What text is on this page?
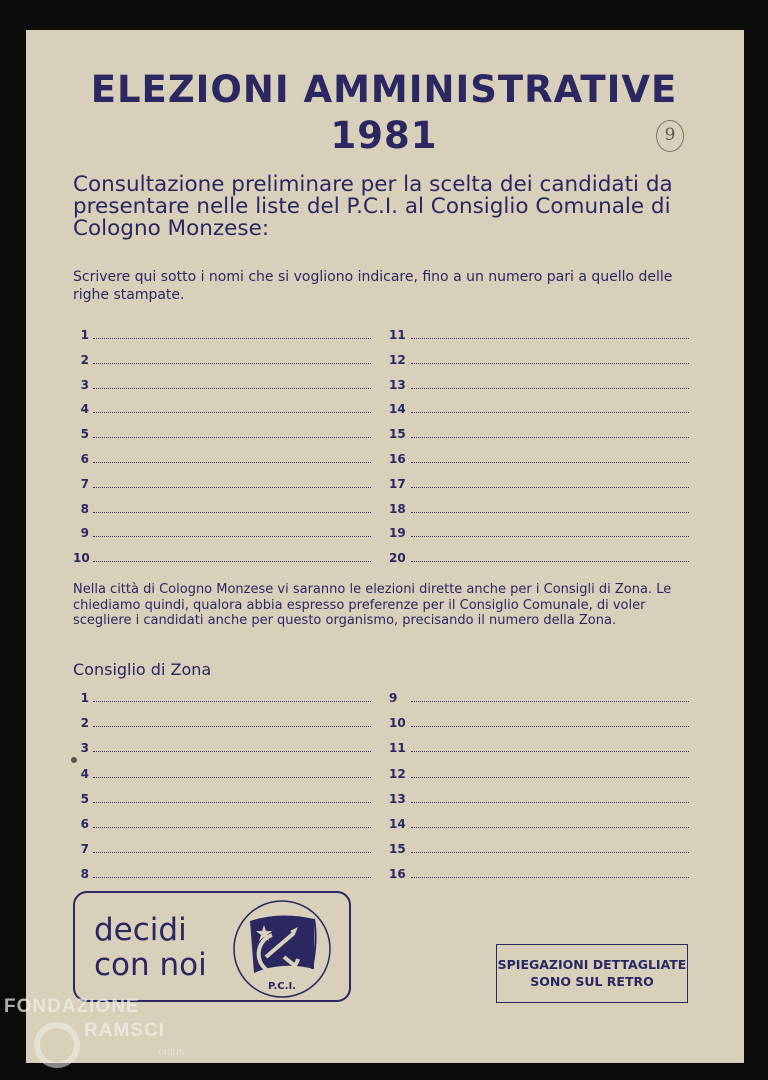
ELEZIONI AMMINISTRATIVE
1981	9
Consultazione preliminare per la scelta dei candidati da presentare nelle liste del P.C.I. al Consiglio Comunale di Cologno Monzese:
Scrivere qui sotto i nomi che si vogliono indicare, fino a un numero pari a quello delle righe stampate.
1
2
3
4
5
6
7
8
9
10
11
12
13
14
15
16
17
18
19
20
Nella città di Cologno Monzese vi saranno le elezioni dirette anche per i Consigli di Zona. Le chiediamo quindi, qualora abbia espresso preferenze per il Consiglio Comunale, di voler scegliere i candidati anche per questo organismo, precisando il numero della Zona.
Consiglio di Zona
1
2
3
4
5
6
7
8
9
10
11
12
13
14
15
16
decidi
con noi
P.C.I.
SPIEGAZIONI DETTAGLIATE
SONO SUL RETRO
FONDAZIONE
RAMSCI
onlus
